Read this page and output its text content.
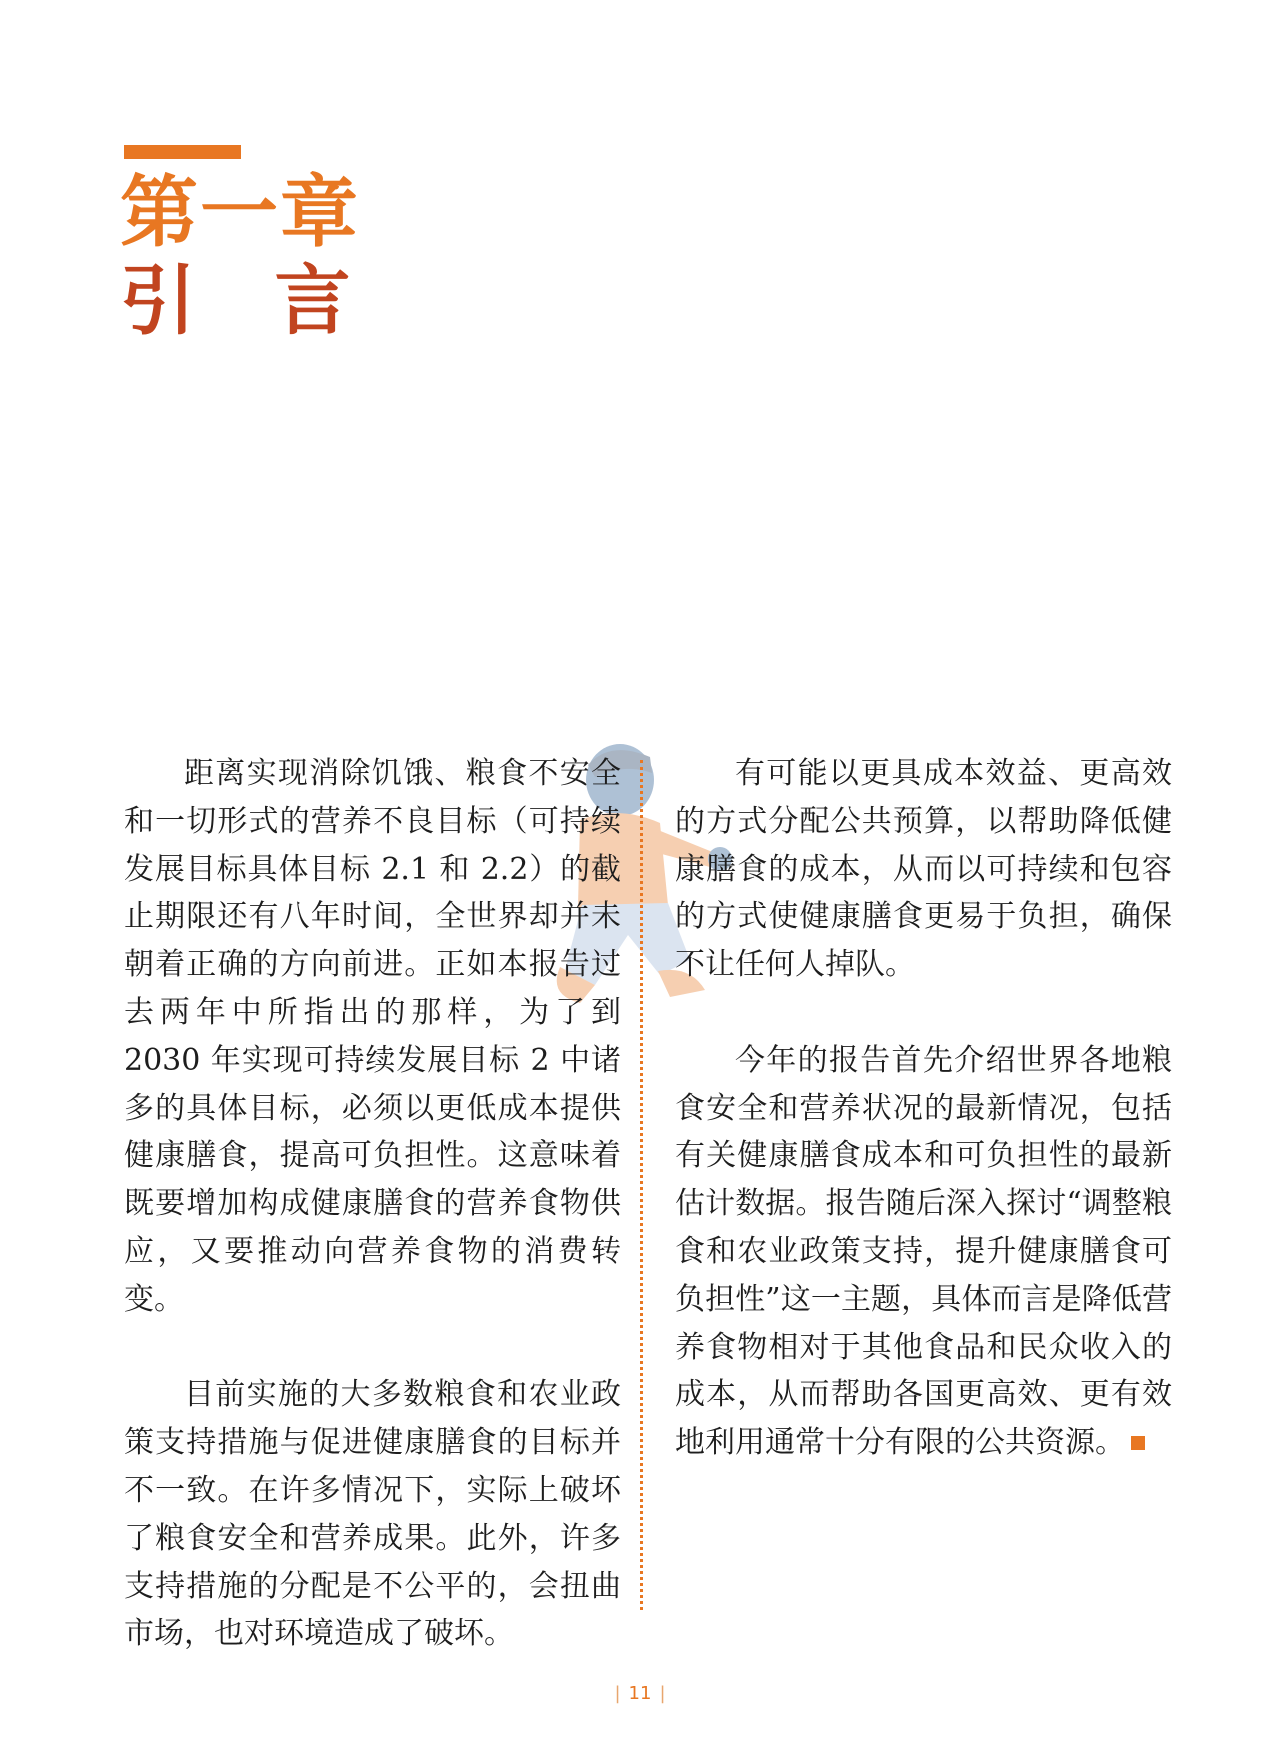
第一章
引 言

距离实现消除饥饿、粮食不安全和一切形式的营养不良目标（可持续发展目标具体目标 2.1 和 2.2）的截止期限还有八年时间，全世界却并未朝着正确的方向前进。正如本报告过去两年中所指出的那样，为了到 2030 年实现可持续发展目标 2 中诸多的具体目标，必须以更低成本提供健康膳食，提高可负担性。这意味着既要增加构成健康膳食的营养食物供应，又要推动向营养食物的消费转变。

目前实施的大多数粮食和农业政策支持措施与促进健康膳食的目标并不一致。在许多情况下，实际上破坏了粮食安全和营养成果。此外，许多支持措施的分配是不公平的，会扭曲市场，也对环境造成了破坏。

有可能以更具成本效益、更高效的方式分配公共预算，以帮助降低健康膳食的成本，从而以可持续和包容的方式使健康膳食更易于负担，确保不让任何人掉队。

今年的报告首先介绍世界各地粮食安全和营养状况的最新情况，包括有关健康膳食成本和可负担性的最新估计数据。报告随后深入探讨“调整粮食和农业政策支持，提升健康膳食可负担性”这一主题，具体而言是降低营养食物相对于其他食品和民众收入的成本，从而帮助各国更高效、更有效地利用通常十分有限的公共资源。

| 11 |
